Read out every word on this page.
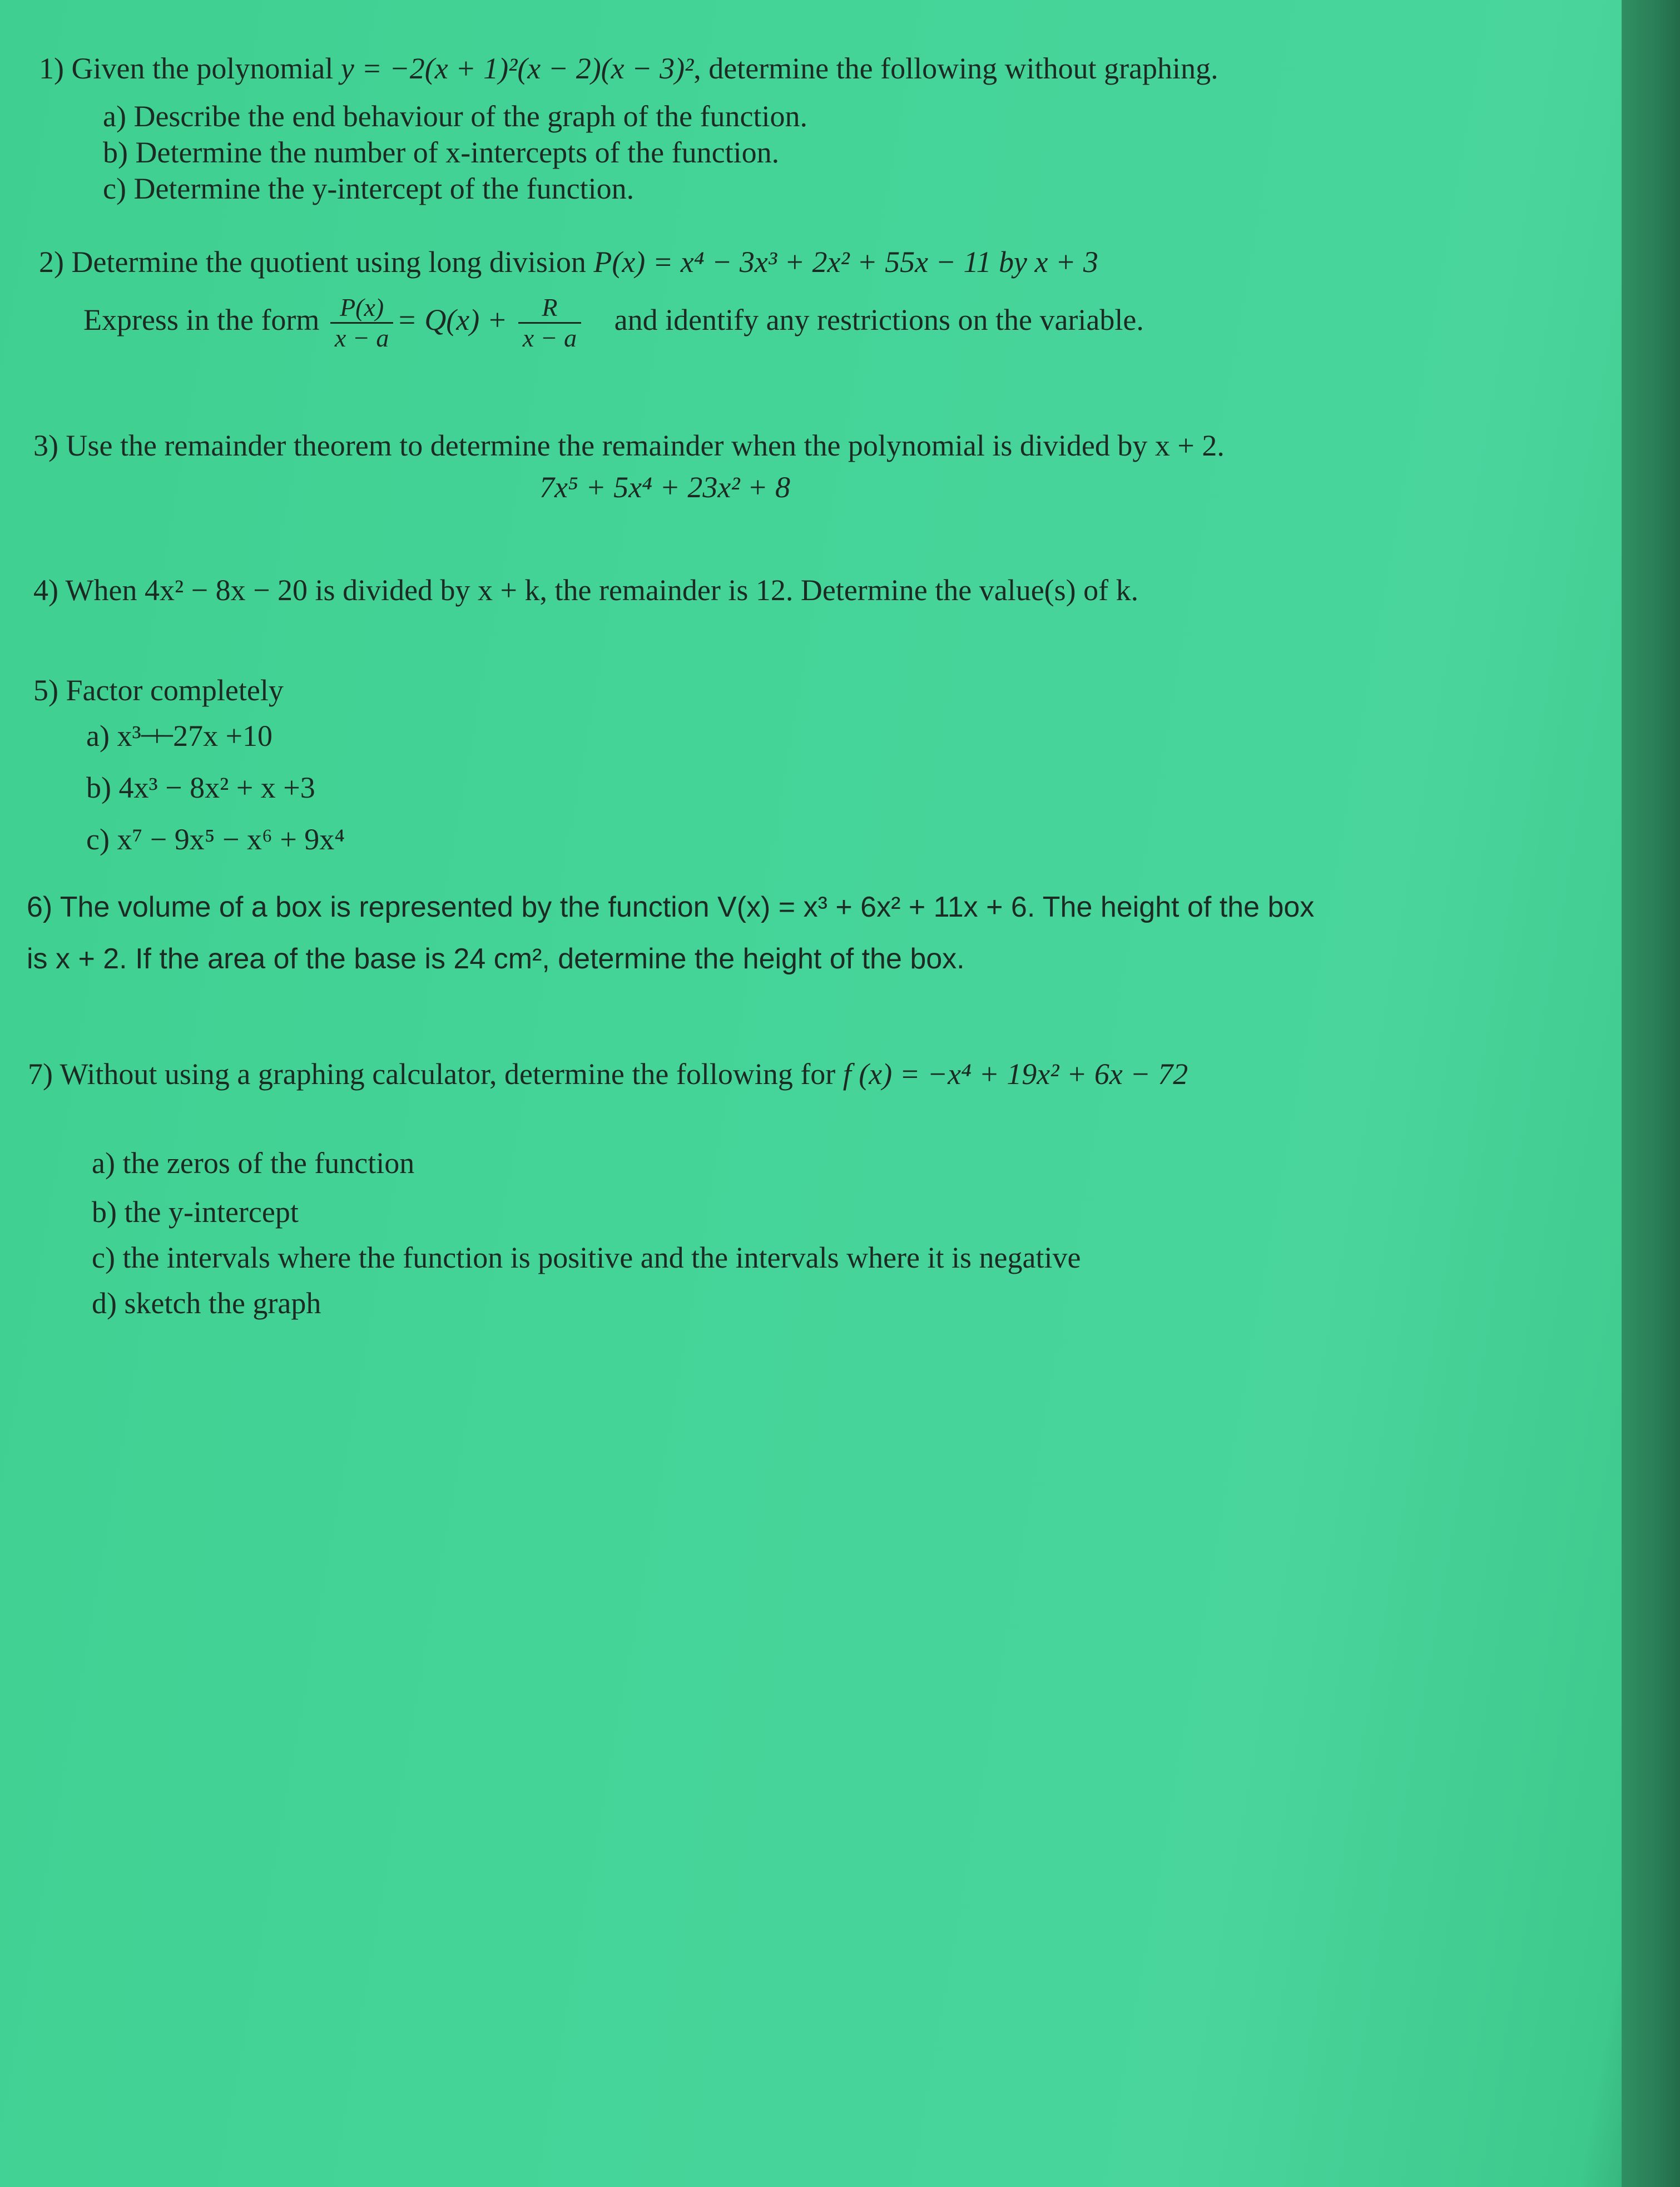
1) Given the polynomial y = −2(x + 1)²(x − 2)(x − 3)², determine the following without graphing.
a) Describe the end behaviour of the graph of the function.
b) Determine the number of x-intercepts of the function.
c) Determine the y-intercept of the function.
2) Determine the quotient using long division P(x) = x⁴ − 3x³ + 2x² + 55x − 11 by x + 3
Express in the form $\frac{P(x)}{x - a} = Q(x) + \frac{R}{x - a}$ and identify any restrictions on the variable.
3) Use the remainder theorem to determine the remainder when the polynomial is divided by x + 2.
7x⁵ + 5x⁴ + 23x² + 8
4) When 4x² − 8x − 20 is divided by x + k, the remainder is 12. Determine the value(s) of k.
5) Factor completely
a) x³ ̶+̶ 27x +10
b) 4x³ − 8x² + x +3
c) x⁷ − 9x⁵ − x⁶ + 9x⁴
6) The volume of a box is represented by the function V(x) = x³ + 6x² + 11x + 6. The height of the box
is x + 2. If the area of the base is 24 cm², determine the height of the box.
7) Without using a graphing calculator, determine the following for f (x) = −x⁴ + 19x² + 6x − 72
a) the zeros of the function
b) the y-intercept
c) the intervals where the function is positive and the intervals where it is negative
d) sketch the graph
